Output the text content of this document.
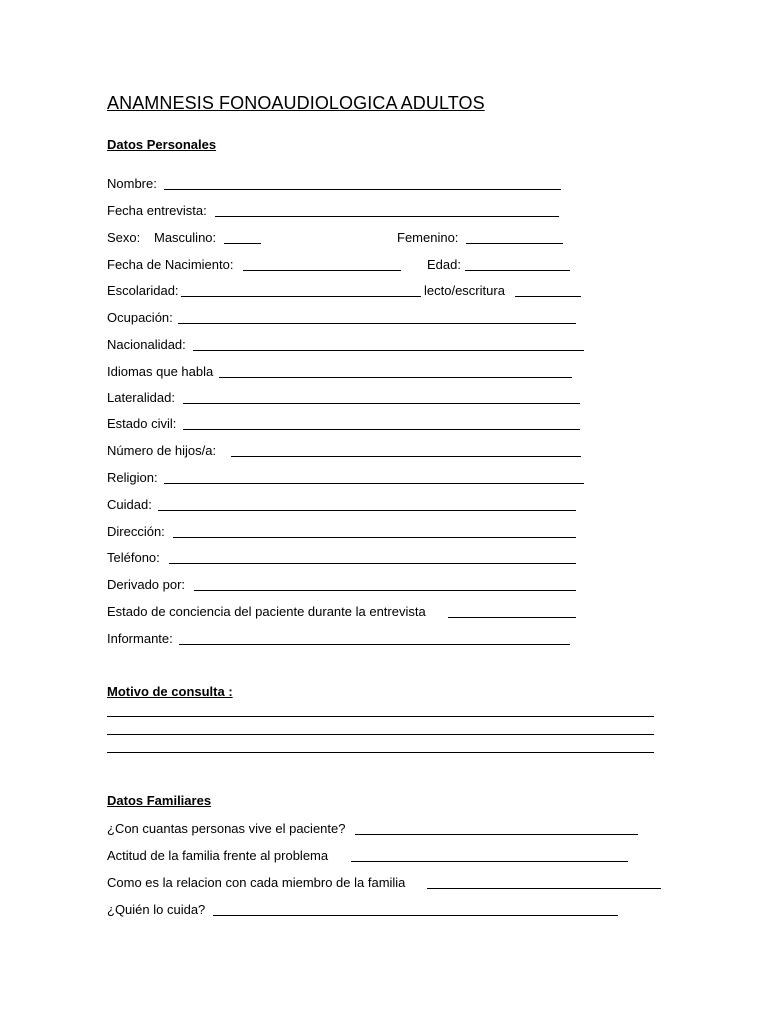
ANAMNESIS FONOAUDIOLOGICA ADULTOS
Datos Personales
Nombre:
Fecha entrevista:
Sexo: Masculino:	Femenino:
Fecha de Nacimiento:	Edad:
Escolaridad:	lecto/escritura
Ocupación:
Nacionalidad:
Idiomas que habla
Lateralidad:
Estado civil:
Número de hijos/a:
Religion:
Cuidad:
Dirección:
Teléfono:
Derivado por:
Estado de conciencia del paciente durante la entrevista
Informante:
Motivo de consulta :
Datos Familiares
¿Con cuantas personas vive el paciente?
Actitud de la familia frente al problema
Como es la relacion con cada miembro de la familia
¿Quién lo cuida?
